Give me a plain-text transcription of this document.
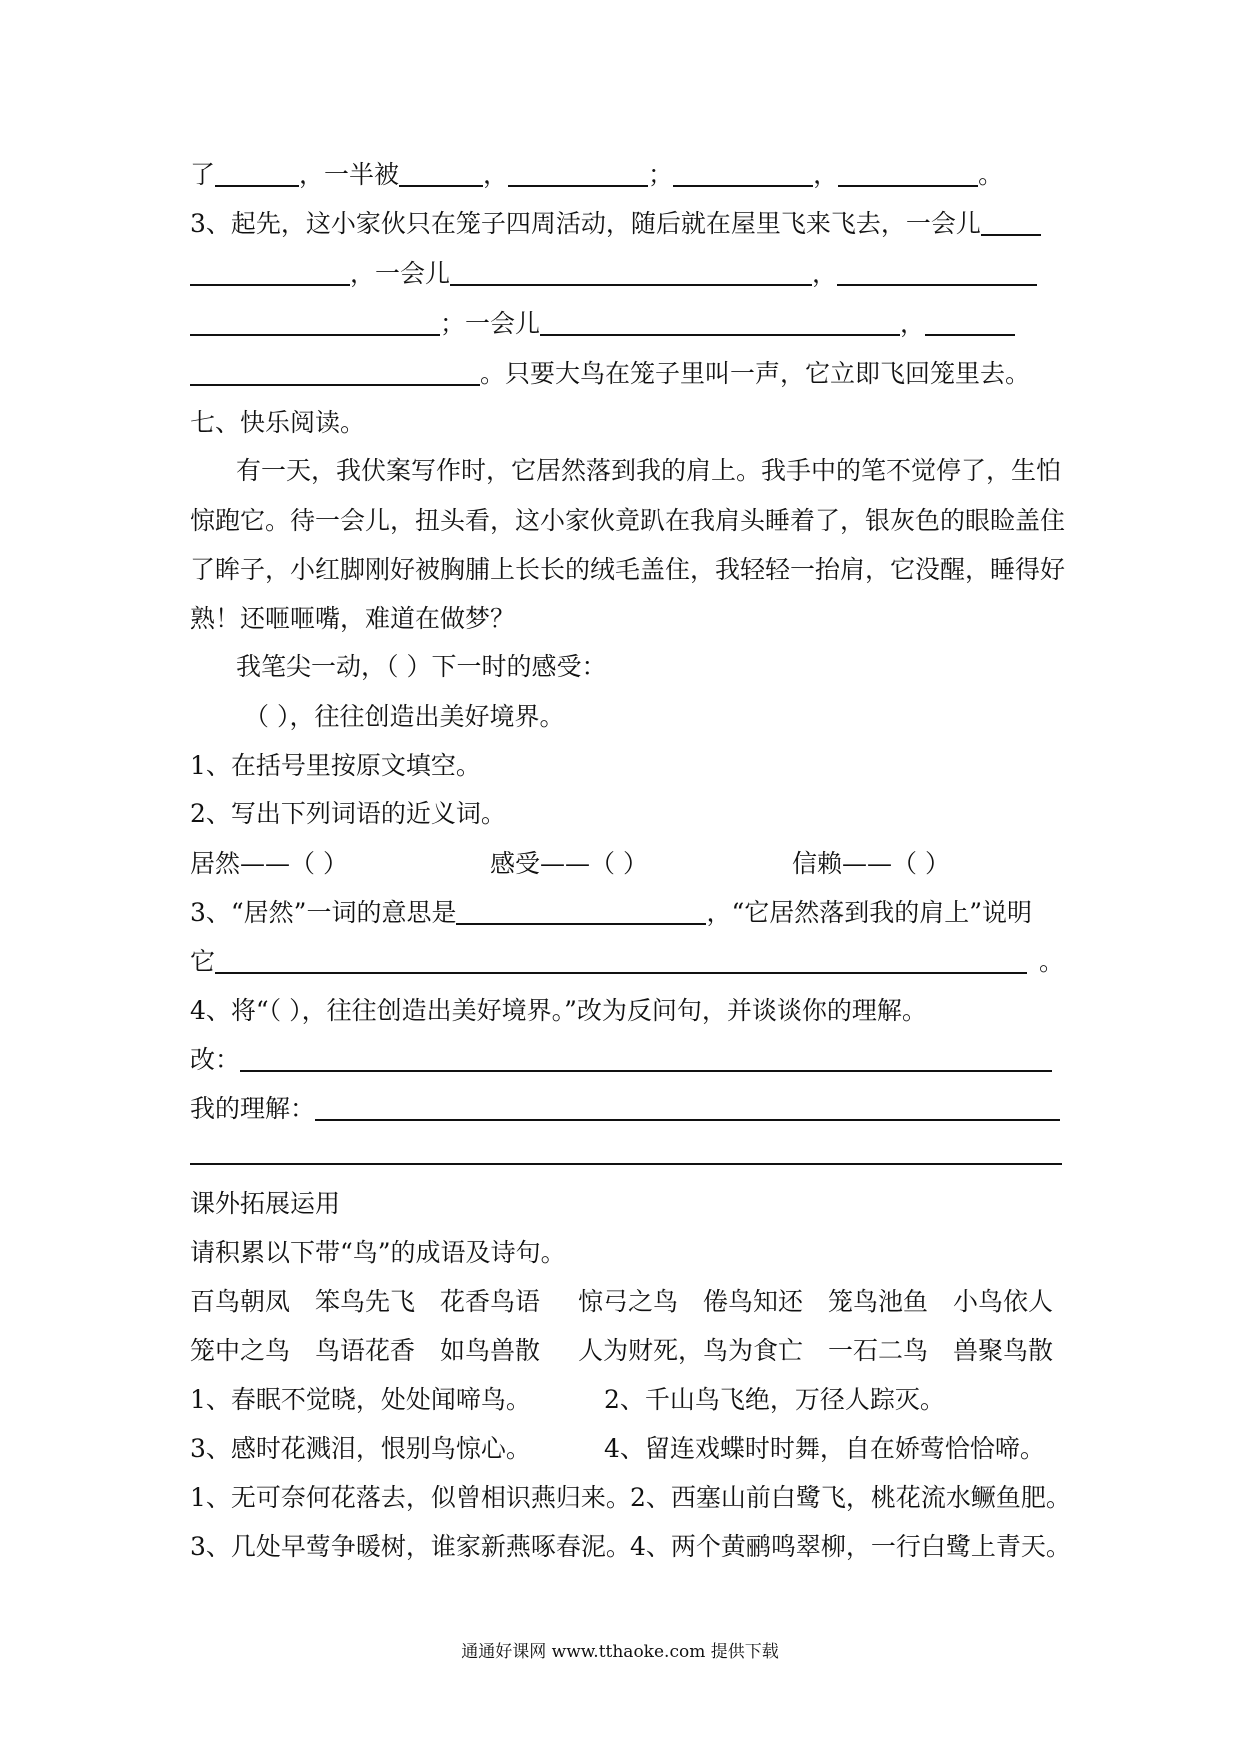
了	，一半被	，	；	，	。
3、起先，这小家伙只在笼子四周活动，随后就在屋里飞来飞去，一会儿
，一会儿	，
；一会儿	，
。只要大鸟在笼子里叫一声，它立即飞回笼里去。
七、快乐阅读。
有一天，我伏案写作时，它居然落到我的肩上。我手中的笔不觉停了，生怕
惊跑它。待一会儿，扭头看，这小家伙竟趴在我肩头睡着了，银灰色的眼睑盖住
了眸子，小红脚刚好被胸脯上长长的绒毛盖住，我轻轻一抬肩，它没醒，睡得好
熟！还咂咂嘴，难道在做梦？
我笔尖一动，（ ）下一时的感受：
（ ），往往创造出美好境界。
1、在括号里按原文填空。
2、写出下列词语的近义词。
居然——（ ）	感受——（ ）	信赖——（ ）
3、“居然”一词的意思是	，“它居然落到我的肩上”说明
它	。
4、将“（ ），往往创造出美好境界。”改为反问句，并谈谈你的理解。
改：
我的理解：
课外拓展运用
请积累以下带“鸟”的成语及诗句。
百鸟朝凤 笨鸟先飞 花香鸟语 惊弓之鸟 倦鸟知还 笼鸟池鱼 小鸟依人
笼中之鸟 鸟语花香 如鸟兽散 人为财死，鸟为食亡 一石二鸟 兽聚鸟散
1、春眠不觉晓，处处闻啼鸟。	2、千山鸟飞绝，万径人踪灭。
3、感时花溅泪，恨别鸟惊心。	4、留连戏蝶时时舞，自在娇莺恰恰啼。
1、无可奈何花落去，似曾相识燕归来。 2、西塞山前白鹭飞，桃花流水鳜鱼肥。
3、几处早莺争暖树，谁家新燕啄春泥。 4、两个黄鹂鸣翠柳，一行白鹭上青天。
通通好课网 www.tthaoke.com 提供下载
